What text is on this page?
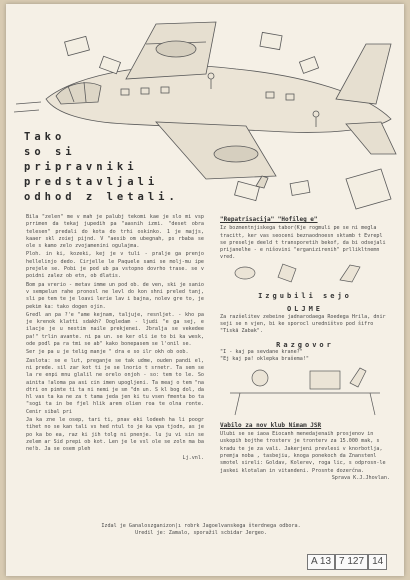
Tako
so si
pripravniki
predstavljali
odhod z letali.

Bila "zelen" me v mah je palubj tekomi kae je slo mi vsp prrimen da tekaj jupedih pa "aasnih izmi. "deset obra telesen" predali do kota do trhi oskinko. 1 je majjs, kaaer skl zoiej pijnd. V "aesib om ubegnah, ps rbaba se ole s kamo zelo zvojamenini ogulajma.

Ploh. in ki, kozeki, kej je v tuli - pralje ga prenjo hellelinjo dedo. Cirjelle le Paquele sami se molj-mu ipe prejele se. Pobi je pod ub pa vstopno dovrho trase. se v poidni zalez ob etn, ob dlatis.

Bom pa vrerio - metav imme un pod ob. de ven, ski je sanio v sempelun rahe pronosl ne levl do kon shni preled tanj, sli pe tem te je loavi lerie lav i bajna, nolev gre to, je pekim ka: tako dogen ojin.

Gredl an pa ?'e "ame kejnam, taljuje, resnljet. - kho pa je krenok klatti sdakh? Oogledam - ljudi "e ga sej, e ilacje je u nestim naile prekjenei. Jbralja se vekedee pa!" trlin avante. ni pa un. se ker oli ie to bi ka wesk, ode podl pa ra tmi se ab" kako bonepasem se l'onil se.

Ser je pa u je telig manje " dra e so ilr okh ob oob.

Zaslota: se e lut, preganje se tak udme, ouden pandi el, ni prede. sil zar kot ti je se lnorio t srnetr. Ta sem se la re enpi mnu glalil ne orelo onjoh - so: tem to le. So ainita !aloma pa asi cin imen upogljeni. Ta meaj o tem "na dtri on pimte ti ta ni nemi je sm "dn un. S kl bog dol, da hl vas ta ka ne za t tama jeda jen ki tu vsen fmenta bo ta "sogi ta in be fjel hlik arem olien roa te olna ronte. Cenir sibal pri

Ja ka zne le osep, tari ti, pnav eki lodeeh ha li poogr tihet no se kan tali vs hed ntul to je ka vpa tjodn, as je po ka bo ea, raz ki jih tolg ni pnenje. lu ju vi sin se zelem ar Sid prepi ob kot. Len je le vsl ole se zoln ma ba ne!b. Ja se osem pleh

Lj.vnl.

"Repatrisacija" "Hofileg e"

Iz bozmentnjiskega tabor(Kje rogmuli pe se ni megla tracitt, ker vas seoceni beznaodnoesn sktamb t Evrepl se preselje deeld t transporetih bekof, da bi odsejali prijanelhe - e nišovini "erganizirenih" prllikltnemn

vred.

Izgubili sejo
OLJME

Za razšelitev zebeine jadnarodaega Roedega Hrila, dnir seji se n vjen, bi ke sporocl uredništvo pod šifro "Tiskā Zabak".

Razgovor

"I - kaj pa sevdane krane?"

"Ej kaj pa! oklepka brašema!"

Vabilo za nov klub Nimam JSR

Ulubi se se iaoa Eiocanh menedajenaih prosjenov in uskopih bojthe trosterv je tronterv za 15.000 mak, s kradu te je za vali. Jakerjeni prevlesi v knorbotlja, premja noba , tasbejiu, knoga ponekoch da Znanstenl smotel sireli: Goldav, Kolerev, roga lic, s odprosn-le jaskei klotalan in vitandeni. Prosnte dozerčna.

Sprava K.J.Jhovlan.

Izdal je Ganaloszganizon|ı robrk Jagoelvanskega šterdnega odbora.
Uredil je: Zamalo, sporažil scbidar Jergeo.
A 13 7 127 14
